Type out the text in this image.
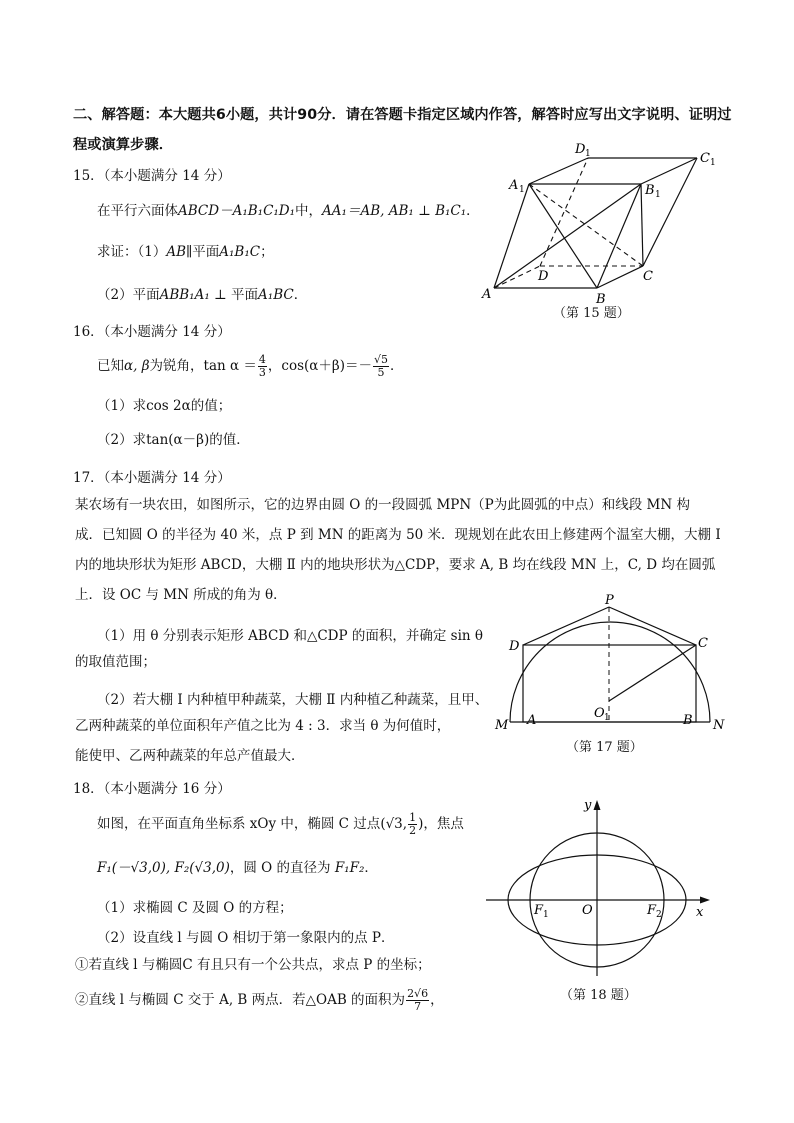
二、解答题：本大题共6小题，共计90分．请在答题卡指定区域内作答，解答时应写出文字说明、证明过程或演算步骤．
15．（本小题满分 14 分）
在平行六面体ABCD－A₁B₁C₁D₁中，AA₁＝AB, AB₁ ⊥ B₁C₁．
求证：（1）AB∥平面A₁B₁C；
（2）平面ABB₁A₁ ⊥ 平面A₁BC．
D 1	C 1
A 1	B 1
D	C
A	B
（第 15 题）
16．（本小题满分 14 分）
已知α, β为锐角，$\tan \alpha = \frac{4}{3}$ ，$\cos(\alpha+\beta)=- \frac{√5}{5}$ ．
（1）求cos 2α的值；
（2）求tan(α－β)的值．
17．（本小题满分 14 分）
某农场有一块农田，如图所示，它的边界由圆 O 的一段圆弧 MPN（P为此圆弧的中点）和线段 MN 构
成．已知圆 O 的半径为 40 米，点 P 到 MN 的距离为 50 米．现规划在此农田上修建两个温室大棚，大棚 Ⅰ
内的地块形状为矩形 ABCD，大棚 Ⅱ 内的地块形状为△CDP，要求 A, B 均在线段 MN 上，C, D 均在圆弧
上．设 OC 与 MN 所成的角为 θ．
（1）用 θ 分别表示矩形 ABCD 和△CDP 的面积，并确定 sin θ
的取值范围；
（2）若大棚 Ⅰ 内种植甲种蔬菜，大棚 Ⅱ 内种植乙种蔬菜，且甲、
乙两种蔬菜的单位面积年产值之比为 4 : 3．求当 θ 为何值时，
能使甲、乙两种蔬菜的年总产值最大．
P
D	C
O 1
M A	B N
（第 17 题）
18．（本小题满分 16 分）
如图，在平面直角坐标系 xOy 中，椭圆 C 过点(√3, $\frac{1}{2}$ )，焦点
F₁(－√3,0), F₂(√3,0)，圆 O 的直径为 F₁F₂．
（1）求椭圆 C 及圆 O 的方程；
（2）设直线 l 与圆 O 相切于第一象限内的点 P．
①若直线 l 与椭圆C 有且只有一个公共点，求点 P 的坐标；
②直线 l 与椭圆 C 交于 A, B 两点．若△OAB 的面积为 $\frac{2√6}{7}$ ，
y
O	x
F 1	F 2
（第 18 题）
